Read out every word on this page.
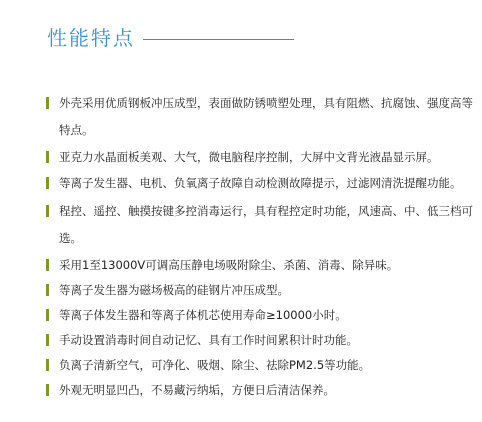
性能特点
外壳采用优质钢板冲压成型，表面做防锈喷塑处理，具有阻燃、抗腐蚀、强度高等特点。
亚克力水晶面板美观、大气，微电脑程序控制，大屏中文背光液晶显示屏。
等离子发生器、电机、负氧离子故障自动检测故障提示，过滤网清洗提醒功能。
程控、遥控、触摸按键多控消毒运行，具有程控定时功能，风速高、中、低三档可选。
采用1至13000V可调高压静电场吸附除尘、杀菌、消毒、除异味。
等离子发生器为磁场极高的硅钢片冲压成型。
等离子体发生器和等离子体机芯使用寿命≥10000小时。
手动设置消毒时间自动记忆、具有工作时间累积计时功能。
负离子清新空气，可净化、吸烟、除尘、祛除PM2.5等功能。
外观无明显凹凸，不易藏污纳垢，方便日后清洁保养。
